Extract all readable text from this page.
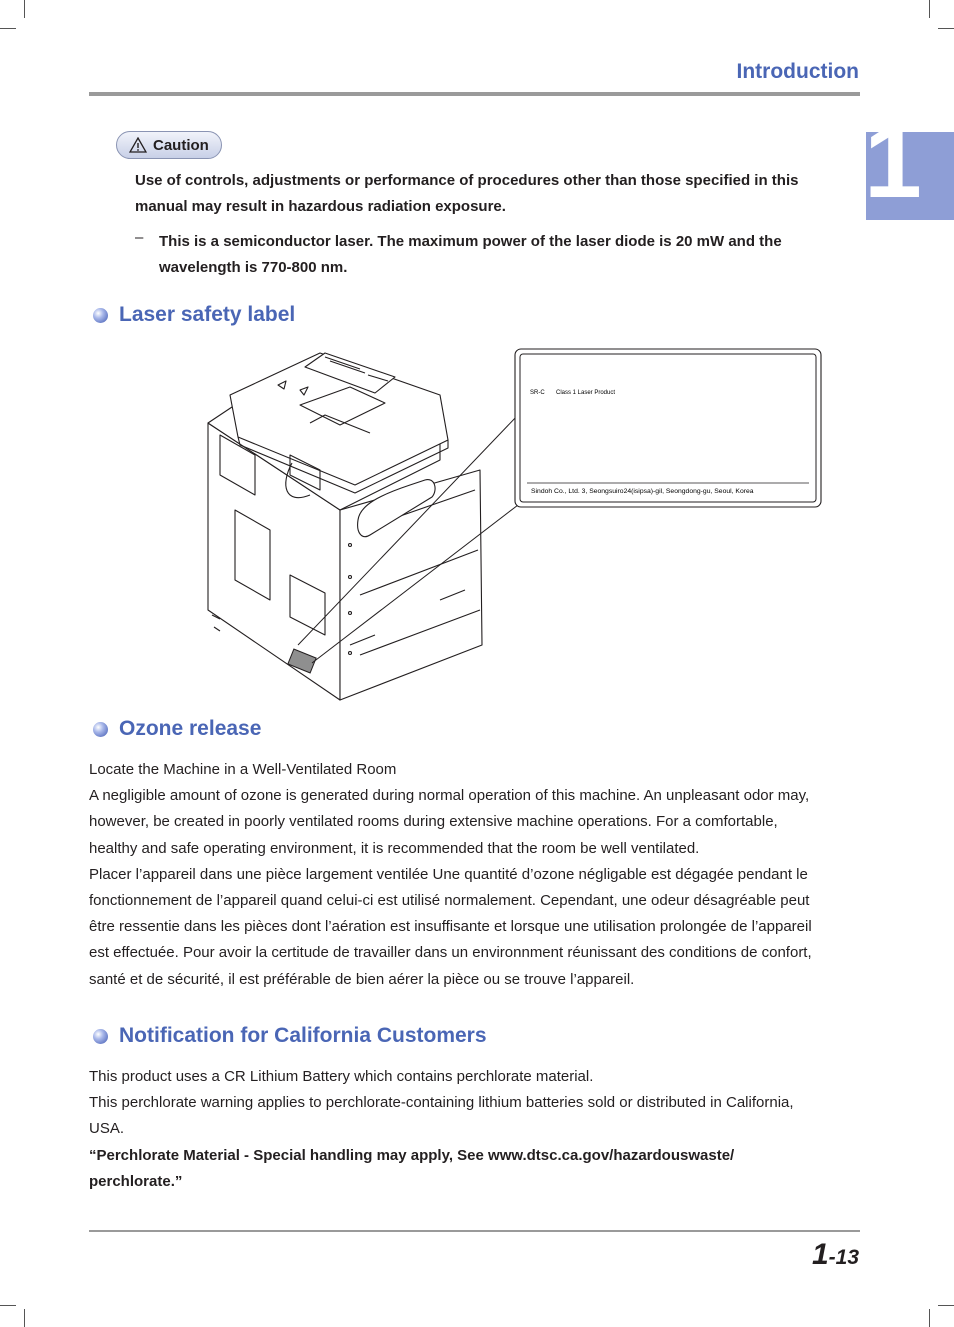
Introduction
1
Caution
Use of controls, adjustments or performance of procedures other than those specified in this
manual may result in hazardous radiation exposure.
– This is a semiconductor laser. The maximum power of the laser diode is 20 mW and the
wavelength is 770-800 nm.
Laser safety label
SR-C Class 1 Laser Product
Sindoh Co., Ltd. 3, Seongsuiro24(isipsa)-gil, Seongdong-gu, Seoul, Korea
Ozone release
Locate the Machine in a Well-Ventilated Room
A negligible amount of ozone is generated during normal operation of this machine. An unpleasant odor may,
however, be created in poorly ventilated rooms during extensive machine operations. For a comfortable,
healthy and safe operating environment, it is recommended that the room be well ventilated.
Placer l’appareil dans une pièce largement ventilée Une quantité d’ozone négligable est dégagée pendant le
fonctionnement de l’appareil quand celui-ci est utilisé normalement. Cependant, une odeur désagréable peut
être ressentie dans les pièces dont l’aération est insuffisante et lorsque une utilisation prolongée de l’appareil
est effectuée. Pour avoir la certitude de travailler dans un environnment réunissant des conditions de confort,
santé et de sécurité, il est préférable de bien aérer la pièce ou se trouve l’appareil.
Notification for California Customers
This product uses a CR Lithium Battery which contains perchlorate material.
This perchlorate warning applies to perchlorate-containing lithium batteries sold or distributed in California,
USA.
“Perchlorate Material - Special handling may apply, See www.dtsc.ca.gov/hazardouswaste/
perchlorate.”
1-13
